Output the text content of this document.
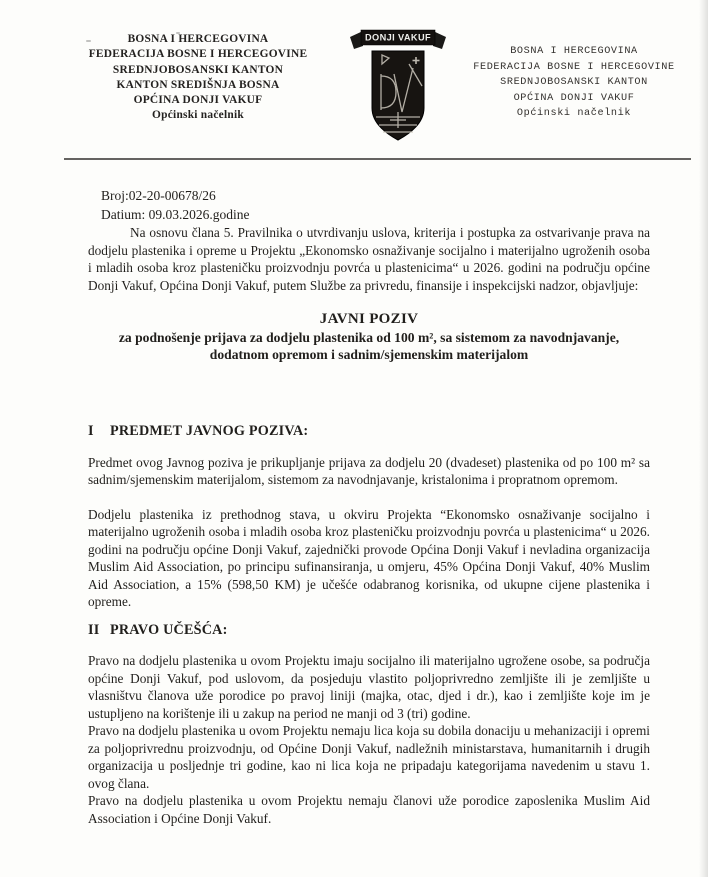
BOSNA I HERCEGOVINA
FEDERACIJA BOSNE I HERCEGOVINE
SREDNJOBOSANSKI KANTON
KANTON SREDIŠNJA BOSNA
OPĆINA DONJI VAKUF
Općinski načelnik
DONJI VAKUF
BOSNA I HERCEGOVINA
FEDERACIJA BOSNE I HERCEGOVINE
SREDNJOBOSANSKI KANTON
OPĆINA DONJI VAKUF
Općinski načelnik
Broj:02-20-00678/26
Datium: 09.03.2026.godine

Na osnovu člana 5. Pravilnika o utvrdivanju uslova, kriterija i postupka za ostvarivanje prava na dodjelu plastenika i opreme u Projektu „Ekonomsko osnaživanje socijalno i materijalno ugroženih osoba i mladih osoba kroz plasteničku proizvodnju povrća u plastenicima“ u 2026. godini na području općine Donji Vakuf, Općina Donji Vakuf, putem Službe za privredu, finansije i inspekcijski nadzor, objavljuje:

JAVNI POZIV
za podnošenje prijava za dodjelu plastenika od 100 m², sa sistemom za navodnjavanje,
dodatnom opremom i sadnim/sjemenskim materijalom
I	PREDMET JAVNOG POZIVA:

Predmet ovog Javnog poziva je prikupljanje prijava za dodjelu 20 (dvadeset) plastenika od po 100 m² sa sadnim/sjemenskim materijalom, sistemom za navodnjavanje, kristalonima i propratnom opremom.

Dodjelu plastenika iz prethodnog stava, u okviru Projekta “Ekonomsko osnaživanje socijalno i materijalno ugroženih osoba i mladih osoba kroz plasteničku proizvodnju povrća u plastenicima“ u 2026. godini na području općine Donji Vakuf, zajednički provode Općina Donji Vakuf i nevladina organizacija Muslim Aid Association, po principu sufinansiranja, u omjeru, 45% Općina Donji Vakuf, 40% Muslim Aid Association, a 15% (598,50 KM) je učešće odabranog korisnika, od ukupne cijene plastenika i opreme.

II PRAVO UČEŠĆA:

Pravo na dodjelu plastenika u ovom Projektu imaju socijalno ili materijalno ugrožene osobe, sa područja općine Donji Vakuf, pod uslovom, da posjeduju vlastito poljoprivredno zemljište ili je zemljište u vlasništvu članova uže porodice po pravoj liniji (majka, otac, djed i dr.), kao i zemljište koje im je ustupljeno na korištenje ili u zakup na period ne manji od 3 (tri) godine.

Pravo na dodjelu plastenika u ovom Projektu nemaju lica koja su dobila donaciju u mehanizaciji i opremi za poljoprivrednu proizvodnju, od Općine Donji Vakuf, nadležnih ministarstava, humanitarnih i drugih organizacija u posljednje tri godine, kao ni lica koja ne pripadaju kategorijama navedenim u stavu 1. ovog člana.

Pravo na dodjelu plastenika u ovom Projektu nemaju članovi uže porodice zaposlenika Muslim Aid Association i Općine Donji Vakuf.
